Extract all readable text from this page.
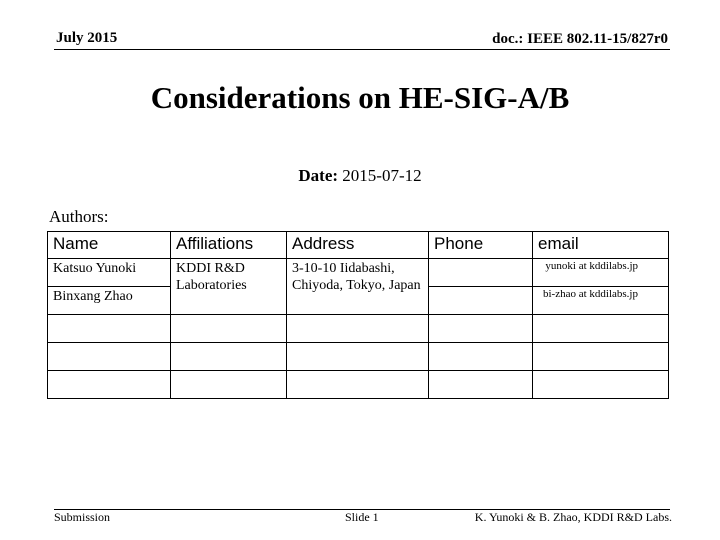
July 2015	doc.: IEEE 802.11-15/827r0
Considerations on HE-SIG-A/B
Date: 2015-07-12
Authors:
Name	Affiliations	Address	Phone	email
Katsuo Yunoki	KDDI R&D Laboratories	3-10-10 Iidabashi, Chiyoda, Tokyo, Japan		yunoki at kddilabs.jp
Binxang Zhao				bi-zhao at kddilabs.jp

Submission	Slide 1	K. Yunoki & B. Zhao, KDDI R&D Labs.
